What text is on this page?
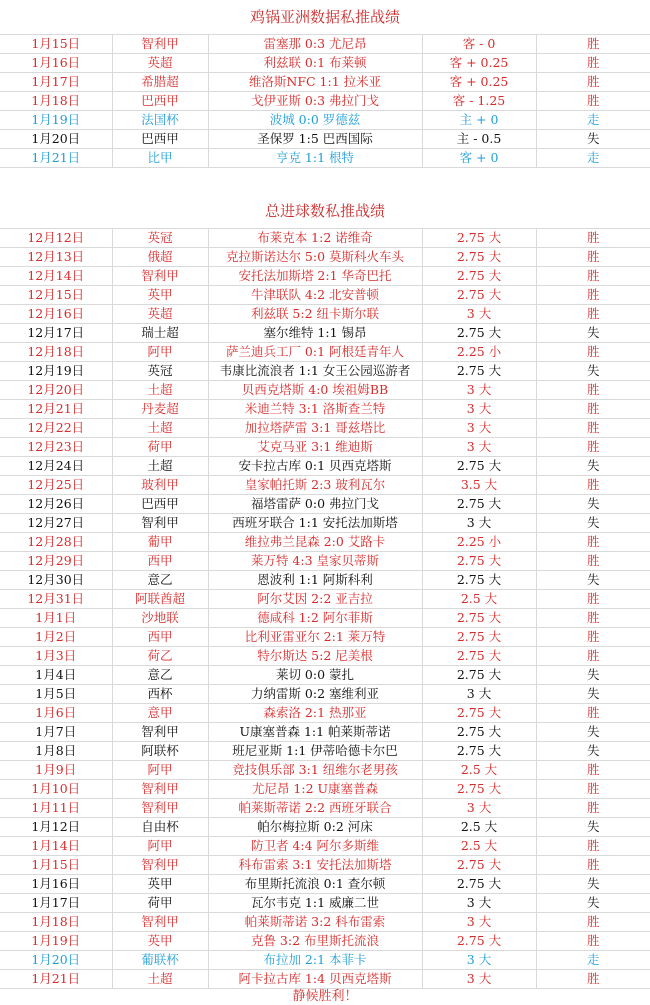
鸡锅亚洲数据私推战绩
1月15日	智利甲	雷塞那 0:3 尤尼昂	客 - 0	胜
1月16日	英超	利兹联 0:1 布莱顿	客 + 0.25	胜
1月17日	希腊超	维洛斯NFC 1:1 拉米亚	客 + 0.25	胜
1月18日	巴西甲	戈伊亚斯 0:3 弗拉门戈	客 - 1.25	胜
1月19日	法国杯	波城 0:0 罗德兹	主 + 0	走
1月20日	巴西甲	圣保罗 1:5 巴西国际	主 - 0.5	失
1月21日	比甲	亨克 1:1 根特	客 + 0	走
总进球数私推战绩
12月12日	英冠	布莱克本 1:2 诺维奇	2.75 大	胜
12月13日	俄超	克拉斯诺达尔 5:0 莫斯科火车头	2.75 大	胜
12月14日	智利甲	安托法加斯塔 2:1 华奇巴托	2.75 大	胜
12月15日	英甲	牛津联队 4:2 北安普顿	2.75 大	胜
12月16日	英超	利兹联 5:2 纽卡斯尔联	3 大	胜
12月17日	瑞士超	塞尔维特 1:1 锡昂	2.75 大	失
12月18日	阿甲	萨兰迪兵工厂 0:1 阿根廷青年人	2.25 小	胜
12月19日	英冠	韦康比流浪者 1:1 女王公园巡游者	2.75 大	失
12月20日	土超	贝西克塔斯 4:0 埃祖姆BB	3 大	胜
12月21日	丹麦超	米迪兰特 3:1 洛斯查兰特	3 大	胜
12月22日	土超	加拉塔萨雷 3:1 哥兹塔比	3 大	胜
12月23日	荷甲	艾克马亚 3:1 维迪斯	3 大	胜
12月24日	土超	安卡拉古库 0:1 贝西克塔斯	2.75 大	失
12月25日	玻利甲	皇家帕托斯 2:3 玻利瓦尔	3.5 大	胜
12月26日	巴西甲	福塔雷萨 0:0 弗拉门戈	2.75 大	失
12月27日	智利甲	西班牙联合 1:1 安托法加斯塔	3 大	失
12月28日	葡甲	维拉弗兰昆森 2:0 艾路卡	2.25 小	胜
12月29日	西甲	莱万特 4:3 皇家贝蒂斯	2.75 大	胜
12月30日	意乙	恩波利 1:1 阿斯科利	2.75 大	失
12月31日	阿联酋超	阿尔艾因 2:2 亚吉拉	2.5 大	胜
1月1日	沙地联	德咸科 1:2 阿尔菲斯	2.75 大	胜
1月2日	西甲	比利亚雷亚尔 2:1 莱万特	2.75 大	胜
1月3日	荷乙	特尔斯达 5:2 尼美根	2.75 大	胜
1月4日	意乙	莱切 0:0 蒙扎	2.75 大	失
1月5日	西杯	力纳雷斯 0:2 塞维利亚	3 大	失
1月6日	意甲	森索洛 2:1 热那亚	2.75 大	胜
1月7日	智利甲	U康塞普森 1:1 帕莱斯蒂诺	2.75 大	失
1月8日	阿联杯	班尼亚斯 1:1 伊蒂哈德卡尔巴	2.75 大	失
1月9日	阿甲	竞技俱乐部 3:1 纽维尔老男孩	2.5 大	胜
1月10日	智利甲	尤尼昂 1:2 U康塞普森	2.75 大	胜
1月11日	智利甲	帕莱斯蒂诺 2:2 西班牙联合	3 大	胜
1月12日	自由杯	帕尔梅拉斯 0:2 河床	2.5 大	失
1月14日	阿甲	防卫者 4:4 阿尔多斯维	2.5 大	胜
1月15日	智利甲	科布雷索 3:1 安托法加斯塔	2.75 大	胜
1月16日	英甲	布里斯托流浪 0:1 查尔顿	2.75 大	失
1月17日	荷甲	瓦尔韦克 1:1 威廉二世	3 大	失
1月18日	智利甲	帕莱斯蒂诺 3:2 科布雷索	3 大	胜
1月19日	英甲	克鲁 3:2 布里斯托流浪	2.75 大	胜
1月20日	葡联杯	布拉加 2:1 本菲卡	3 大	走
1月21日	土超	阿卡拉古库 1:4 贝西克塔斯	3 大	胜
静候胜利！
